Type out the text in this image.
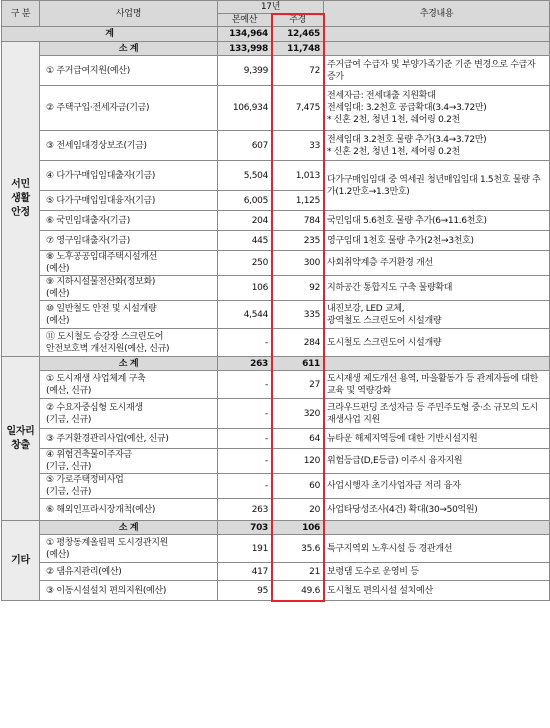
구 분	사업명	17년		추경내용
		본예산	추경	
계		134,964	12,465	
서민
생활
안정	소 계	133,998	11,748	
	① 주거급여지원(예산)	9,399	72	주거급여 수급자 및 부양가족기준 기준 변경으로 수급자 증가
	② 주택구입·전세자금(기금)	106,934	7,475	전세자금: 전세대출 지원확대
전세임대: 3.2천호 공급확대(3.4→3.72만)
* 신혼 2천, 청년 1천, 쉐어링 0.2천
	③ 전세임대경상보조(기금)	607	33	전세임대 3.2천호 물량 추가(3.4→3.72만)
* 신혼 2천, 청년 1천, 셰어링 0.2천
	④ 다가구매입임대출자(기금)	5,504	1,013	다가구매입임대 중 역세권 청년매입임대 1.5천호 물량 추가(1.2만호→1.3만호)
	⑤ 다가구매입임대융자(기금)	6,005	1,125	
	⑥ 국민임대출자(기금)	204	784	국민임대 5.6천호 물량 추가(6→11.6천호)
	⑦ 영구임대출자(기금)	445	235	영구임대 1천호 물량 추가(2천→3천호)
	⑧ 노후공공임대주택시설개선
(예산)	250	300	사회취약계층 주거환경 개선
	⑨ 지하시설물전산화(정보화)
(예산)	106	92	지하공간 통합지도 구축 물량확대
	⑩ 일반철도 안전 및 시설개량
(예산)	4,544	335	내진보강, LED 교체,
광역철도 스크린도어 시설개량
	⑪ 도시철도 승강장 스크린도어
안전보호벽 개선지원(예산, 신규)	-	284	도시철도 스크린도어 시설개량
일자리
창출	소 계	263	611	
	① 도시재생 사업체계 구축
(예산, 신규)	-	27	도시재생 제도개선 용역, 마을활동가 등 관계자들에 대한 교육 및 역량강화
	② 수요자중심형 도시재생
(기금, 신규)	-	320	크라우드펀딩 조성자금 등 주민주도형 중·소 규모의 도시재생사업 지원
	③ 주거환경관리사업(예산, 신규)	-	64	뉴타운 해제지역등에 대한 기반시설지원
	④ 위험건축물이주자금
(기금, 신규)	-	120	위험등급(D,E등급) 이주시 융자지원
	⑤ 가로주택정비사업
(기금, 신규)	-	60	사업시행자 초기사업자금 저리 융자
	⑥ 해외인프라시장개척(예산)	263	20	사업타당성조사(4건) 확대(30→50억원)
기타	소 계	703	106	
	① 평창동계올림픽 도시경관지원
(예산)	191	35.6	특구지역외 노후시설 등 경관개선
	② 댐유지관리(예산)	417	21	보령댐 도수로 운영비 등
	③ 이동시설설치 편의지원(예산)	95	49.6	도시철도 편의시설 설치예산
